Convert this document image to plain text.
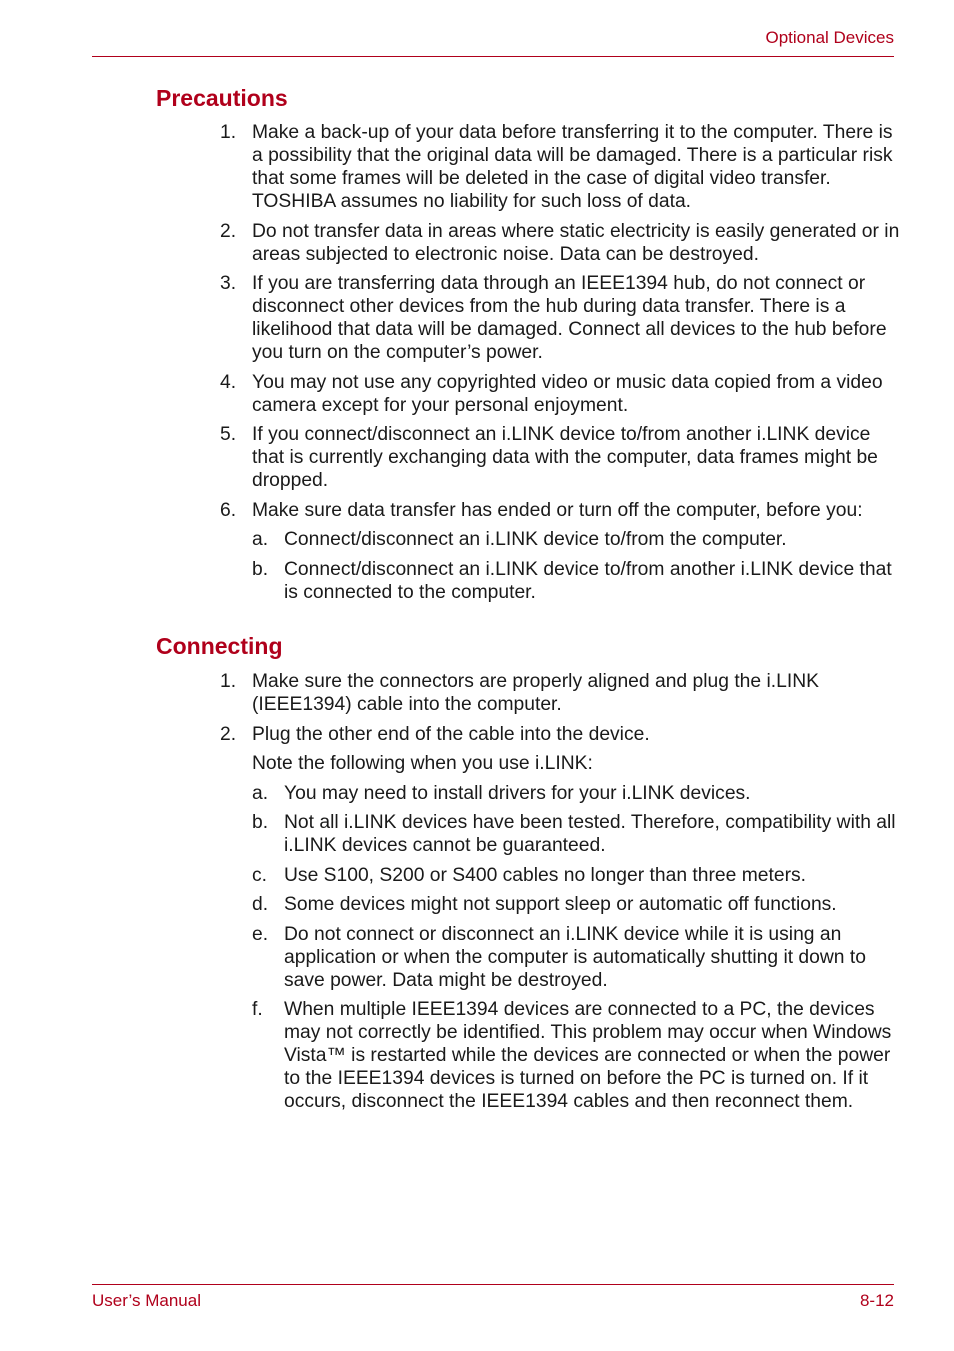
Optional Devices
Precautions
1. Make a back-up of your data before transferring it to the computer. There is a possibility that the original data will be damaged. There is a particular risk that some frames will be deleted in the case of digital video transfer. TOSHIBA assumes no liability for such loss of data.
2. Do not transfer data in areas where static electricity is easily generated or in areas subjected to electronic noise. Data can be destroyed.
3. If you are transferring data through an IEEE1394 hub, do not connect or disconnect other devices from the hub during data transfer. There is a likelihood that data will be damaged. Connect all devices to the hub before you turn on the computer’s power.
4. You may not use any copyrighted video or music data copied from a video camera except for your personal enjoyment.
5. If you connect/disconnect an i.LINK device to/from another i.LINK device that is currently exchanging data with the computer, data frames might be dropped.
6. Make sure data transfer has ended or turn off the computer, before you:
a. Connect/disconnect an i.LINK device to/from the computer.
b. Connect/disconnect an i.LINK device to/from another i.LINK device that is connected to the computer.
Connecting
1. Make sure the connectors are properly aligned and plug the i.LINK (IEEE1394) cable into the computer.
2. Plug the other end of the cable into the device.
Note the following when you use i.LINK:
a. You may need to install drivers for your i.LINK devices.
b. Not all i.LINK devices have been tested. Therefore, compatibility with all i.LINK devices cannot be guaranteed.
c. Use S100, S200 or S400 cables no longer than three meters.
d. Some devices might not support sleep or automatic off functions.
e. Do not connect or disconnect an i.LINK device while it is using an application or when the computer is automatically shutting it down to save power. Data might be destroyed.
f. When multiple IEEE1394 devices are connected to a PC, the devices may not correctly be identified. This problem may occur when Windows Vista™ is restarted while the devices are connected or when the power to the IEEE1394 devices is turned on before the PC is turned on. If it occurs, disconnect the IEEE1394 cables and then reconnect them.
User’s Manual	8-12
